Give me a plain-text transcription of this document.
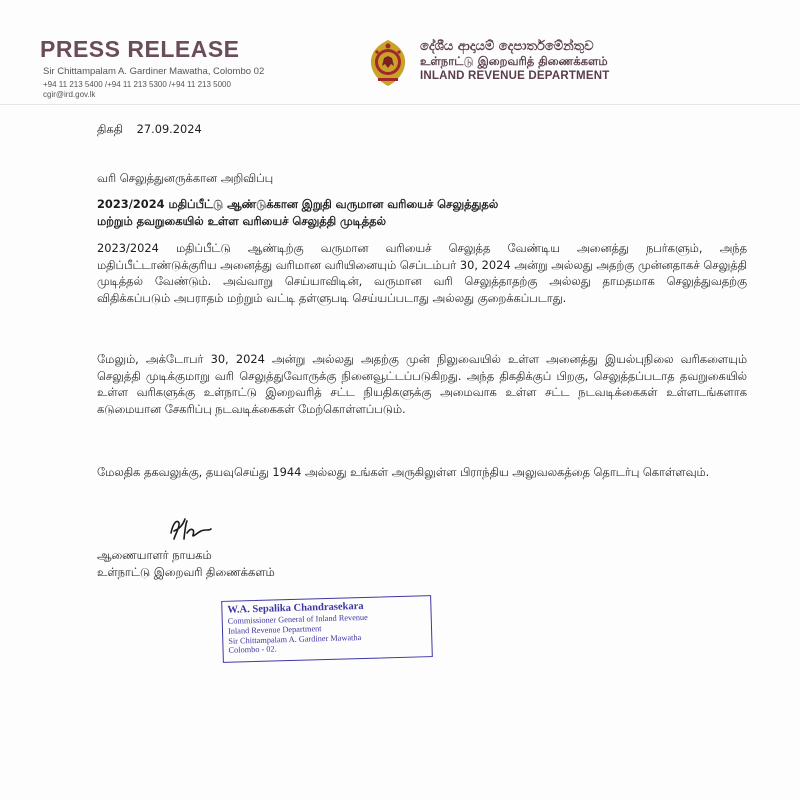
PRESS RELEASE
Sir Chittampalam A. Gardiner Mawatha, Colombo 02
+94 11 213 5400 /+94 11 213 5300 /+94 11 213 5000
cgir@ird.gov.lk
දේශීය ආදායම් දෙපාර්තමේන්තුව
உள்நாட்டு இறைவரித் திணைக்களம்
INLAND REVENUE DEPARTMENT
திகதி 27.09.2024
வரி செலுத்துனருக்கான அறிவிப்பு
2023/2024 மதிப்பீட்டு ஆண்டுக்கான இறுதி வருமான வரியைச் செலுத்துதல்
மற்றும் தவறுகையில் உள்ள வரியைச் செலுத்தி முடித்தல்
2023/2024 மதிப்பீட்டு ஆண்டிற்கு வருமான வரியைச் செலுத்த வேண்டிய அனைத்து நபர்களும், அந்த மதிப்பீட்டாண்டுக்குரிய அனைத்து வரிமான வரியினையும் செப்டம்பர் 30, 2024 அன்று அல்லது அதற்கு முன்னதாகச் செலுத்தி முடித்தல் வேண்டும். அவ்வாறு செய்யாவிடின், வருமான வரி செலுத்தாதற்கு அல்லது தாமதமாக செலுத்துவதற்கு விதிக்கப்படும் அபராதம் மற்றும் வட்டி தள்ளுபடி செய்யப்படாது அல்லது குறைக்கப்படாது.
மேலும், அக்டோபர் 30, 2024 அன்று அல்லது அதற்கு முன் நிலுவையில் உள்ள அனைத்து இயல்புநிலை வரிகளையும் செலுத்தி முடிக்குமாறு வரி செலுத்துவோருக்கு நினைவூட்டப்படுகிறது. அந்த திகதிக்குப் பிறகு, செலுத்தப்படாத தவறுகையில் உள்ள வரிகளுக்கு உள்நாட்டு இறைவரித் சட்ட நியதிகளுக்கு அமைவாக உள்ள சட்ட நடவடிக்கைகள் உள்ளடங்களாக கடுமையான சேகரிப்பு நடவடிக்கைகள் மேற்கொள்ளப்படும்.
மேலதிக தகவலுக்கு, தயவுசெய்து 1944 அல்லது உங்கள் அருகிலுள்ள பிராந்திய அலுவலகத்தை தொடர்பு கொள்ளவும்.
ஆணையாளர் நாயகம்
உள்நாட்டு இறைவரி திணைக்களம்
W.A. Sepalika Chandrasekara
Commissioner General of Inland Revenue
Inland Revenue Department
Sir Chittampalam A. Gardiner Mawatha
Colombo - 02.
